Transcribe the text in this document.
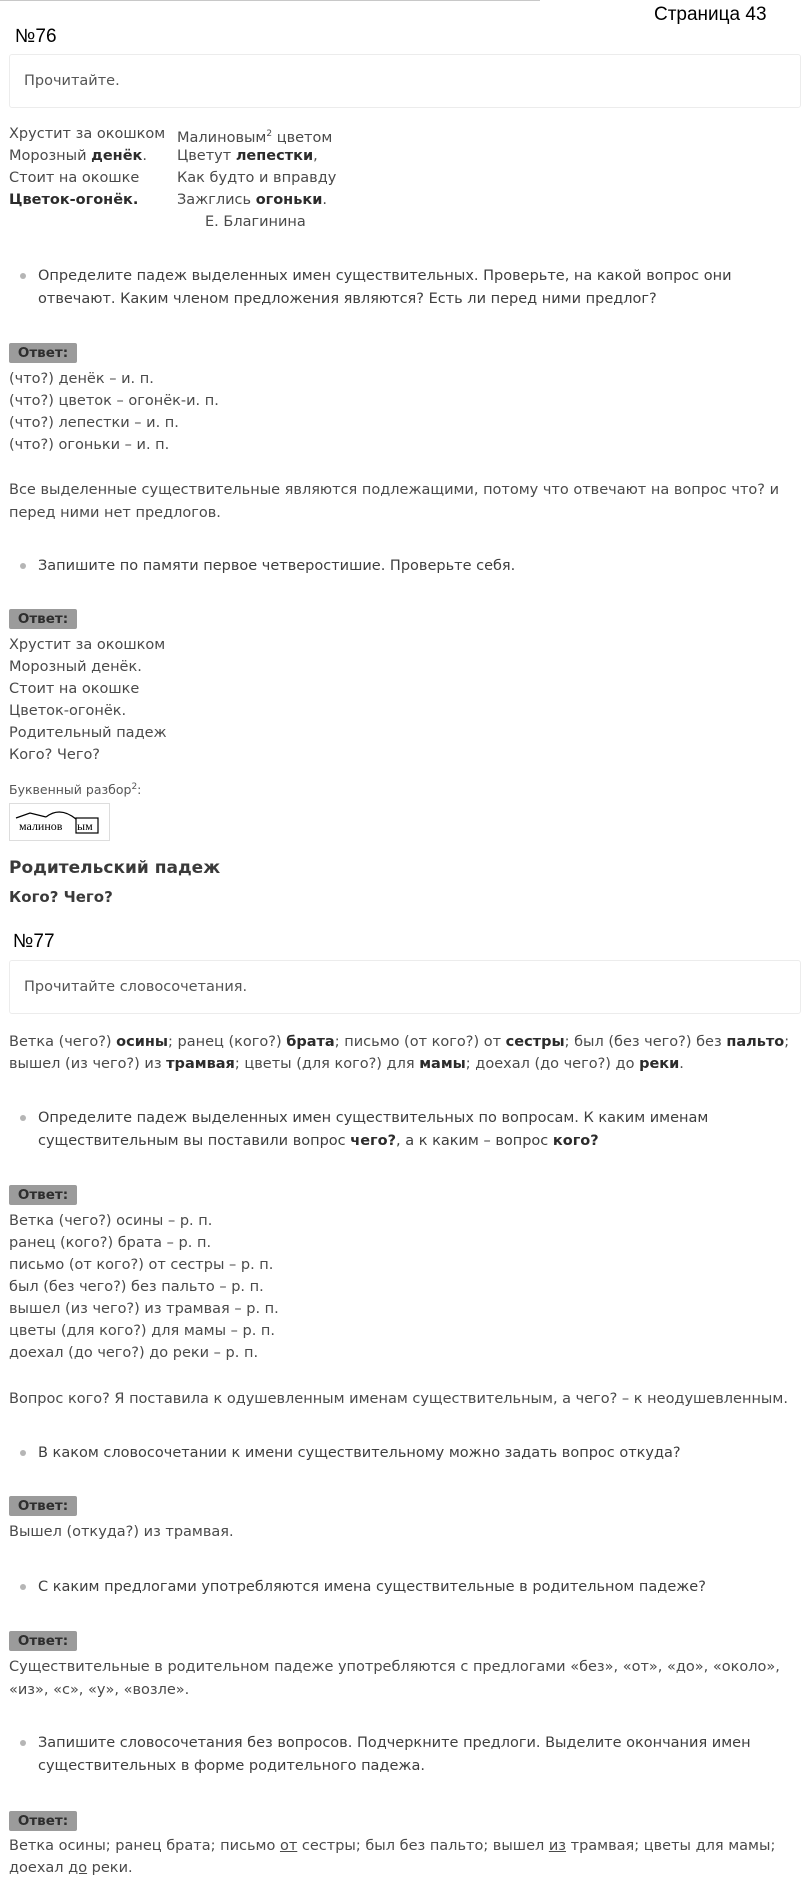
Страница 43
№76
Прочитайте.
Хрустит за окошком
Морозный денёк.
Стоит на окошке
Цветок-огонёк.
Малиновым$^2$ цветом
Цветут лепестки,
Как будто и вправду
Зажглись огоньки.
Е. Благинина
Определите падеж выделенных имен существительных. Проверьте, на какой вопрос они отвечают. Каким членом предложения являются? Есть ли перед ними предлог?
Ответ:
(что?) денёк – и. п.
(что?) цветок – огонёк-и. п.
(что?) лепестки – и. п.
(что?) огоньки – и. п.
Все выделенные существительные являются подлежащими, потому что отвечают на вопрос что? и перед ними нет предлогов.
Запишите по памяти первое четверостишие. Проверьте себя.
Ответ:
Хрустит за окошком
Морозный денёк.
Стоит на окошке
Цветок-огонёк.
Родительный падеж
Кого? Чего?
Буквенный разбор$^2$:
малинов ым
Родительский падеж
Кого? Чего?
№77
Прочитайте словосочетания.
Ветка (чего?) осины; ранец (кого?) брата; письмо (от кого?) от сестры; был (без чего?) без пальто;
вышел (из чего?) из трамвая; цветы (для кого?) для мамы; доехал (до чего?) до реки.
Определите падеж выделенных имен существительных по вопросам. К каким именам
существительным вы поставили вопрос чего?, а к каким – вопрос кого?
Ответ:
Ветка (чего?) осины – р. п.
ранец (кого?) брата – р. п.
письмо (от кого?) от сестры – р. п.
был (без чего?) без пальто – р. п.
вышел (из чего?) из трамвая – р. п.
цветы (для кого?) для мамы – р. п.
доехал (до чего?) до реки – р. п.
Вопрос кого? Я поставила к одушевленным именам существительным, а чего? – к неодушевленным.
В каком словосочетании к имени существительному можно задать вопрос откуда?
Ответ:
Вышел (откуда?) из трамвая.
С каким предлогами употребляются имена существительные в родительном падеже?
Ответ:
Существительные в родительном падеже употребляются с предлогами «без», «от», «до», «около», «из», «с», «у», «возле».
Запишите словосочетания без вопросов. Подчеркните предлоги. Выделите окончания имен существительных в форме родительного падежа.
Ответ:
Ветка осины; ранец брата; письмо от сестры; был без пальто; вышел из трамвая; цветы для мамы;
доехал до реки.
